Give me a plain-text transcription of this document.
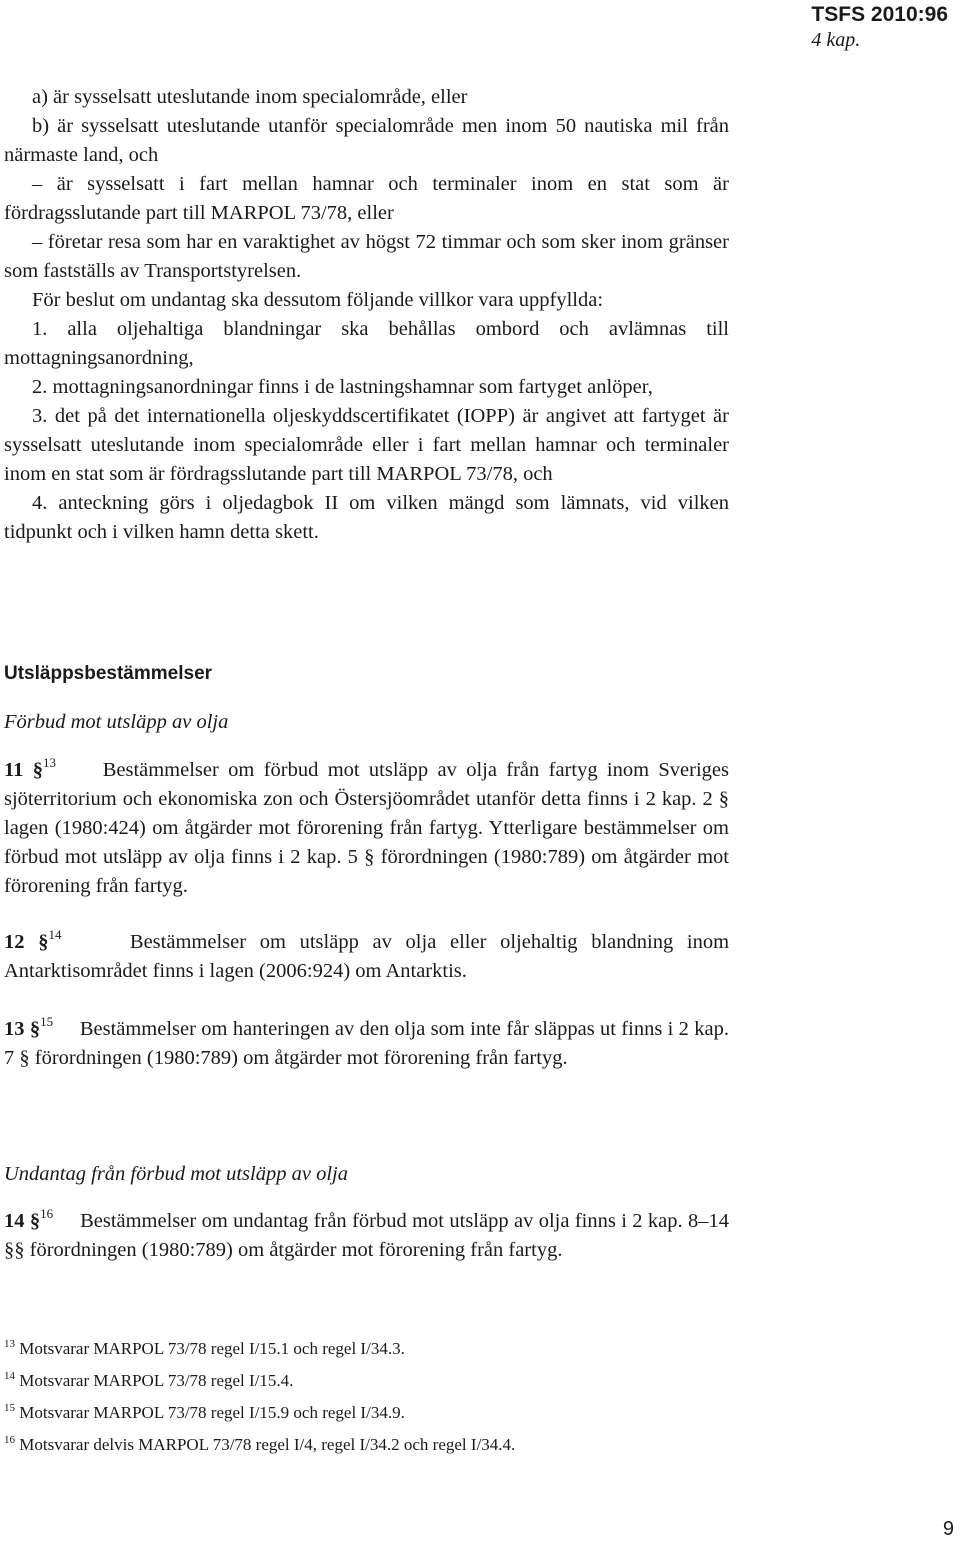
TSFS 2010:96
4 kap.

a) är sysselsatt uteslutande inom specialområde, eller

b) är sysselsatt uteslutande utanför specialområde men inom 50 nautiska mil från närmaste land, och

– är sysselsatt i fart mellan hamnar och terminaler inom en stat som är fördragsslutande part till MARPOL 73/78, eller

– företar resa som har en varaktighet av högst 72 timmar och som sker inom gränser som fastställs av Transportstyrelsen.

För beslut om undantag ska dessutom följande villkor vara uppfyllda:

1. alla oljehaltiga blandningar ska behållas ombord och avlämnas till mottagningsanordning,

2. mottagningsanordningar finns i de lastningshamnar som fartyget anlöper,

3. det på det internationella oljeskyddscertifikatet (IOPP) är angivet att fartyget är sysselsatt uteslutande inom specialområde eller i fart mellan hamnar och terminaler inom en stat som är fördragsslutande part till MARPOL 73/78, och

4. anteckning görs i oljedagbok II om vilken mängd som lämnats, vid vilken tidpunkt och i vilken hamn detta skett.

Utsläppsbestämmelser
Förbud mot utsläpp av olja
11 §$^{13}$ Bestämmelser om förbud mot utsläpp av olja från fartyg inom Sveriges sjöterritorium och ekonomiska zon och Östersjöområdet utanför detta finns i 2 kap. 2 § lagen (1980:424) om åtgärder mot förorening från fartyg. Ytterligare bestämmelser om förbud mot utsläpp av olja finns i 2 kap. 5 § förordningen (1980:789) om åtgärder mot förorening från fartyg.
12 §$^{14}$	Bestämmelser om utsläpp av olja eller oljehaltig blandning inom Antarktisområdet finns i lagen (2006:924) om Antarktis.
13 §$^{15}$ Bestämmelser om hanteringen av den olja som inte får släppas ut finns i 2 kap. 7 § förordningen (1980:789) om åtgärder mot förorening från fartyg.
Undantag från förbud mot utsläpp av olja
14 §$^{16}$ Bestämmelser om undantag från förbud mot utsläpp av olja finns i 2 kap. 8–14 §§ förordningen (1980:789) om åtgärder mot förorening från fartyg.

$^{13}$ Motsvarar MARPOL 73/78 regel I/15.1 och regel I/34.3.

$^{14}$ Motsvarar MARPOL 73/78 regel I/15.4.

$^{15}$ Motsvarar MARPOL 73/78 regel I/15.9 och regel I/34.9.

$^{16}$ Motsvarar delvis MARPOL 73/78 regel I/4, regel I/34.2 och regel I/34.4.

9
